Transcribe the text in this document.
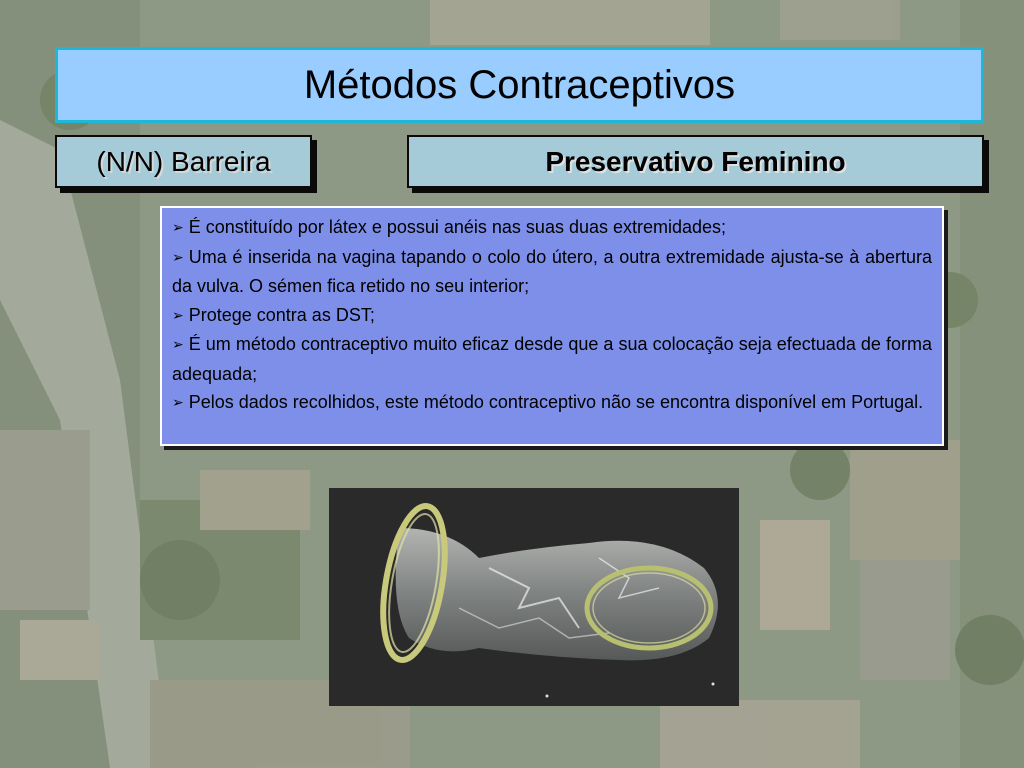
Métodos Contraceptivos
(N/N) Barreira	Preservativo Feminino
➢ É constituído por látex e possui anéis nas suas duas extremidades;
➢ Uma é inserida na vagina tapando o colo do útero, a outra extremidade ajusta-se à abertura da vulva. O sémen fica retido no seu interior;
➢ Protege contra as DST;
➢ É um método contraceptivo muito eficaz desde que a sua colocação seja efectuada de forma adequada;
➢ Pelos dados recolhidos, este método contraceptivo não se encontra disponível em Portugal.
